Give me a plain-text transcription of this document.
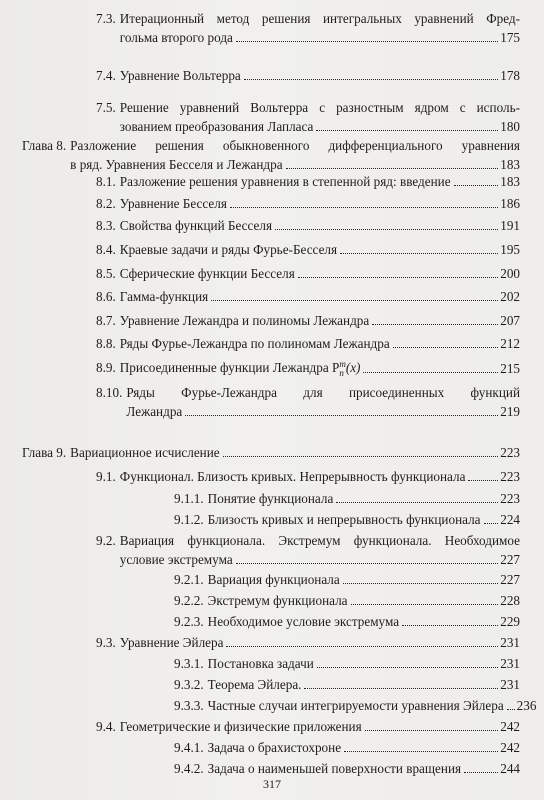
7.3. Итерационный метод решения интегральных уравнений Фред-
гольма второго рода	175
7.4. Уравнение Вольтерра	178
7.5. Решение уравнений Вольтерра с разностным ядром с исполь-
зованием преобразования Лапласа	180
Глава 8. Разложение решения обыкновенного дифференциального уравнения
в ряд. Уравнения Бесселя и Лежандра	183
8.1. Разложение решения уравнения в степенной ряд: введение	183
8.2. Уравнение Бесселя	186
8.3. Свойства функций Бесселя	191
8.4. Краевые задачи и ряды Фурье-Бесселя	195
8.5. Сферические функции Бесселя	200
8.6. Гамма-функция	202
8.7. Уравнение Лежандра и полиномы Лежандра	207
8.8. Ряды Фурье-Лежандра по полиномам Лежандра	212
8.9. Присоединенные функции Лежандра P m
n (x)	215
8.10. Ряды Фурье-Лежандра для присоединенных функций
Лежандра	219
Глава 9. Вариационное исчисление	223
9.1. Функционал. Близость кривых. Непрерывность функционала	223
9.1.1. Понятие функционала	223
9.1.2. Близость кривых и непрерывность функционала 224
9.2. Вариация функционала. Экстремум функционала. Необходимое
условие экстремума	227
9.2.1. Вариация функционала	227
9.2.2. Экстремум функционала	228
9.2.3. Необходимое условие экстремума	229
9.3. Уравнение Эйлера	231
9.3.1. Постановка задачи	231
9.3.2. Теорема Эйлера.	231
9.3.3. Частные случаи интегрируемости уравнения Эйлера 236
9.4. Геометрические и физические приложения	242
317
9.4.1. Задача о брахистохроне	242
9.4.2. Задача о наименьшей поверхности вращения	244
